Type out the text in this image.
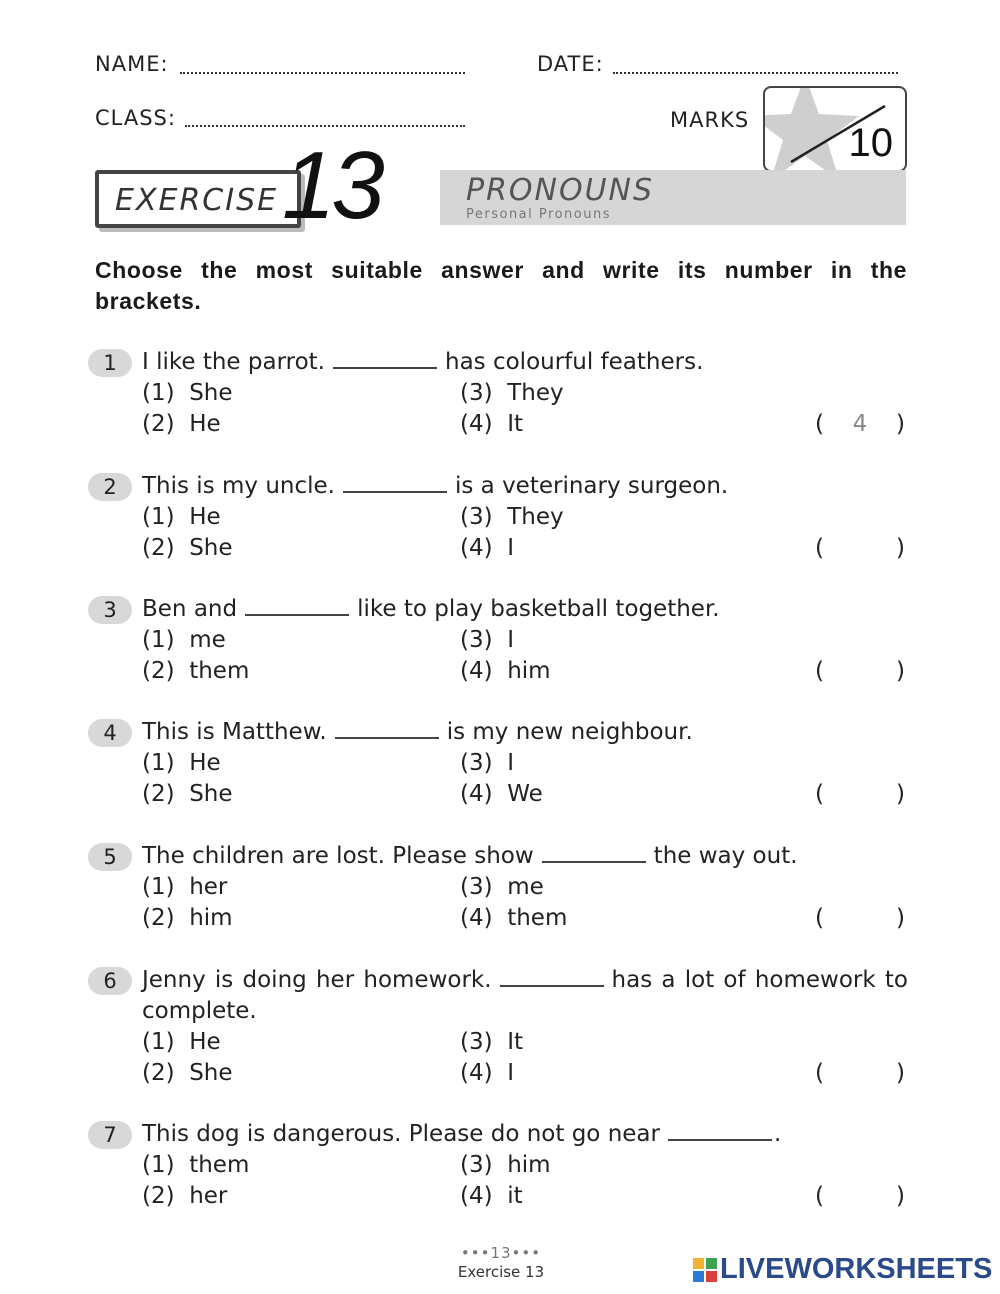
NAME:	DATE:
CLASS:	MARKS
10
EXERCISE 13	PRONOUNS
Personal Pronouns
Choose the most suitable answer and write its number in the brackets.
1	I like the parrot.	has colourful feathers.
(1)  She
(2)  He
(3)  They
(4)  It	( 4 )
2	This is my uncle.	is a veterinary surgeon.
(1)  He
(2)  She
(3)  They
(4)  I	(	)
3	Ben and	like to play basketball together.
(1)  me
(2)  them
(3)  I
(4)  him	(	)
4	This is Matthew.	is my new neighbour.
(1)  He
(2)  She
(3)  I
(4)  We	(	)
5	The children are lost. Please show	the way out.
(1)  her
(2)  him
(3)  me
(4)  them	(	)
6	Jenny is doing her homework.	has a lot of homework to complete.
(1)  He
(2)  She
(3)  It
(4)  I	(	)
7	This dog is dangerous. Please do not go near	.
(1)  them
(2)  her
(3)  him
(4)  it	(	)
•••13•••
Exercise 13	LIVEWORKSHEETS
